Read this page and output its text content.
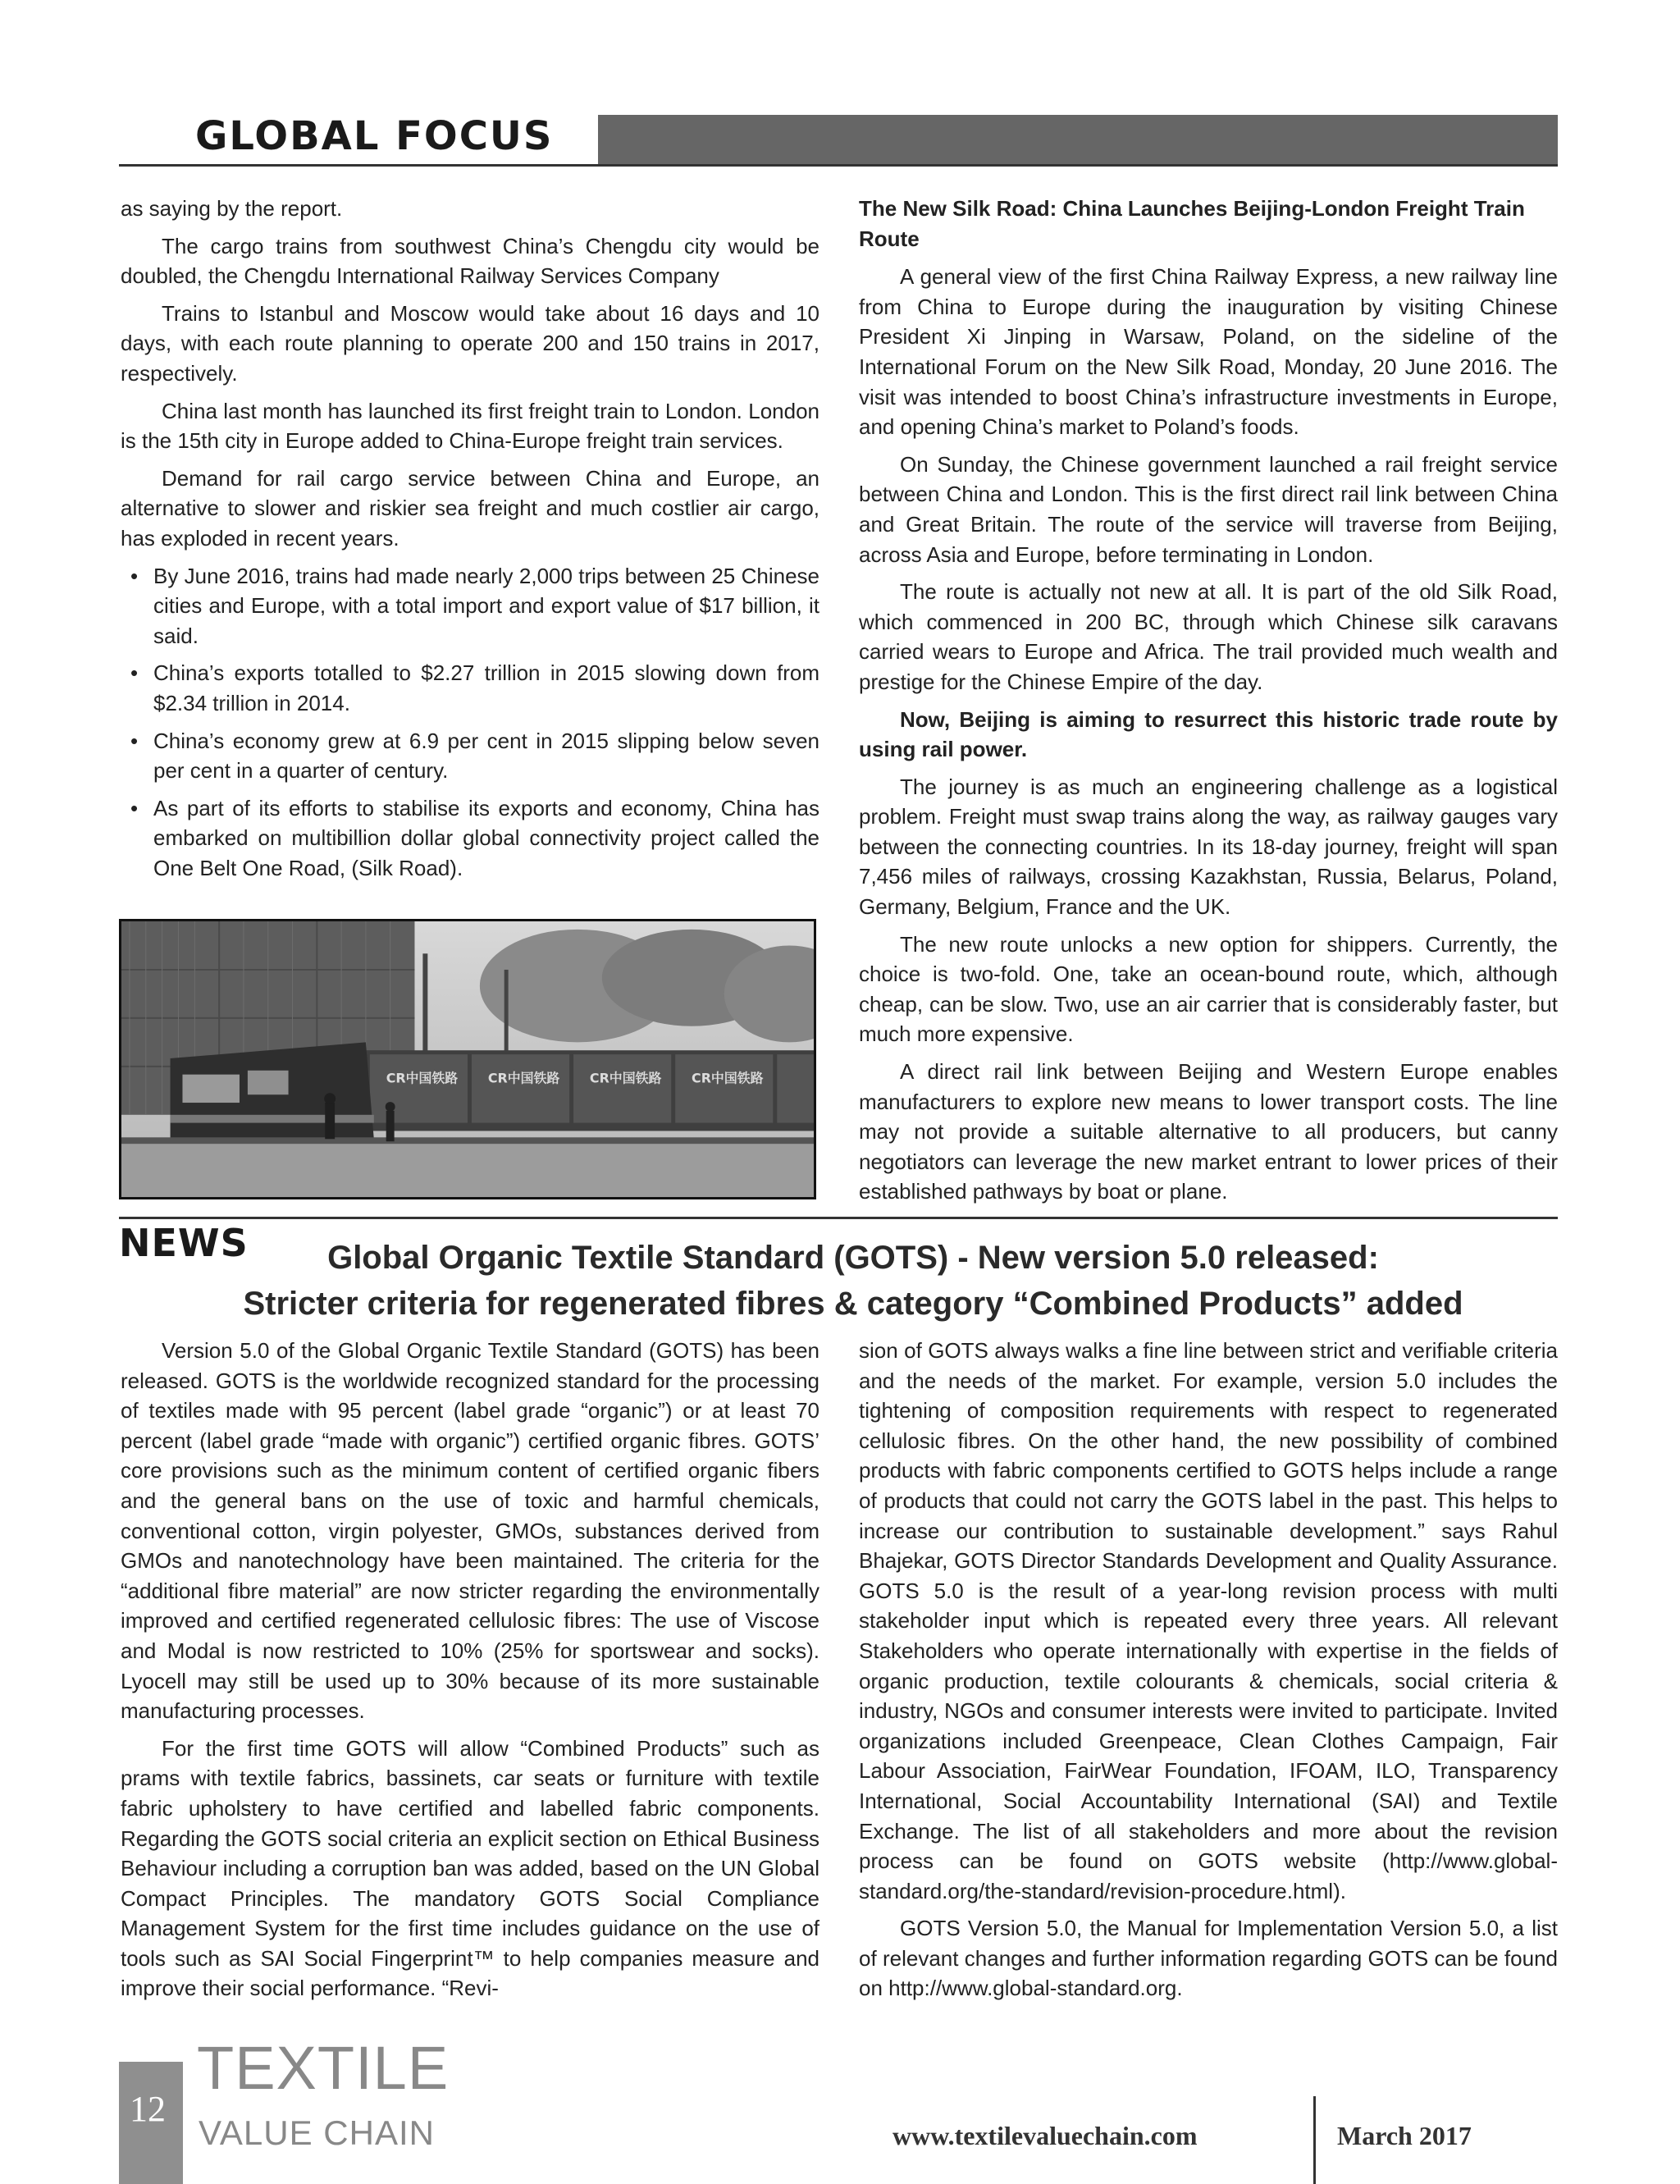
GLOBAL FOCUS

as saying by the report.

The cargo trains from southwest China’s Chengdu city would be doubled, the Chengdu International Railway Services Company

Trains to Istanbul and Moscow would take about 16 days and 10 days, with each route planning to operate 200 and 150 trains in 2017, respectively.

China last month has launched its first freight train to London. London is the 15th city in Europe added to China-Europe freight train services.

Demand for rail cargo service between China and Europe, an alternative to slower and riskier sea freight and much costlier air cargo, has exploded in recent years.

• By June 2016, trains had made nearly 2,000 trips between 25 Chinese cities and Europe, with a total import and export value of $17 billion, it said.
• China’s exports totalled to $2.27 trillion in 2015 slowing down from $2.34 trillion in 2014.
• China’s economy grew at 6.9 per cent in 2015 slipping below seven per cent in a quarter of century.
• As part of its efforts to stabilise its exports and economy, China has embarked on multibillion dollar global connectivity project called the One Belt One Road, (Silk Road).
CR中国铁路 CR中国铁路 CR中国铁路 CR中国铁路

The New Silk Road: China Launches Beijing-London Freight Train Route

A general view of the first China Railway Express, a new railway line from China to Europe during the inauguration by visiting Chinese President Xi Jinping in Warsaw, Poland, on the sideline of the International Forum on the New Silk Road, Monday, 20 June 2016. The visit was intended to boost China’s infrastructure investments in Europe, and opening China’s market to Poland’s foods.

On Sunday, the Chinese government launched a rail freight service between China and London. This is the first direct rail link between China and Great Britain. The route of the service will traverse from Beijing, across Asia and Europe, before terminating in London.

The route is actually not new at all. It is part of the old Silk Road, which commenced in 200 BC, through which Chinese silk caravans carried wears to Europe and Africa. The trail provided much wealth and prestige for the Chinese Empire of the day.

Now, Beijing is aiming to resurrect this historic trade route by using rail power.

The journey is as much an engineering challenge as a logistical problem. Freight must swap trains along the way, as railway gauges vary between the connecting countries. In its 18-day journey, freight will span 7,456 miles of railways, crossing Kazakhstan, Russia, Belarus, Poland, Germany, Belgium, France and the UK.

The new route unlocks a new option for shippers. Currently, the choice is two-fold. One, take an ocean-bound route, which, although cheap, can be slow. Two, use an air carrier that is considerably faster, but much more expensive.

A direct rail link between Beijing and Western Europe enables manufacturers to explore new means to lower transport costs. The line may not provide a suitable alternative to all producers, but canny negotiators can leverage the new market entrant to lower prices of their established pathways by boat or plane.

NEWS	Global Organic Textile Standard (GOTS) - New version 5.0 released:
Stricter criteria for regenerated fibres & category “Combined Products” added

Version 5.0 of the Global Organic Textile Standard (GOTS) has been released. GOTS is the worldwide recognized standard for the processing of textiles made with 95 percent (label grade “organic”) or at least 70 percent (label grade “made with organic”) certified organic fibres. GOTS’ core provisions such as the minimum content of certified organic fibers and the general bans on the use of toxic and harmful chemicals, conventional cotton, virgin polyester, GMOs, substances derived from GMOs and nanotechnology have been maintained. The criteria for the “additional fibre material” are now stricter regarding the environmentally improved and certified regenerated cellulosic fibres: The use of Viscose and Modal is now restricted to 10% (25% for sportswear and socks). Lyocell may still be used up to 30% because of its more sustainable manufacturing processes.

For the first time GOTS will allow “Combined Products” such as prams with textile fabrics, bassinets, car seats or furniture with textile fabric upholstery to have certified and labelled fabric components. Regarding the GOTS social criteria an explicit section on Ethical Business Behaviour including a corruption ban was added, based on the UN Global Compact Principles. The mandatory GOTS Social Compliance Management System for the first time includes guidance on the use of tools such as SAI Social Fingerprint™ to help companies measure and improve their social performance. “Revi-

sion of GOTS always walks a fine line between strict and verifiable criteria and the needs of the market. For example, version 5.0 includes the tightening of composition requirements with respect to regenerated cellulosic fibres. On the other hand, the new possibility of combined products with fabric components certified to GOTS helps include a range of products that could not carry the GOTS label in the past. This helps to increase our contribution to sustainable development.” says Rahul Bhajekar, GOTS Director Standards Development and Quality Assurance. GOTS 5.0 is the result of a year-long revision process with multi stakeholder input which is repeated every three years. All relevant Stakeholders who operate internationally with expertise in the fields of organic production, textile colourants & chemicals, social criteria & industry, NGOs and consumer interests were invited to participate. Invited organizations included Greenpeace, Clean Clothes Campaign, Fair Labour Association, FairWear Foundation, IFOAM, ILO, Transparency International, Social Accountability International (SAI) and Textile Exchange. The list of all stakeholders and more about the revision process can be found on GOTS website (http://www.global-standard.org/the-standard/revision-procedure.html).

GOTS Version 5.0, the Manual for Implementation Version 5.0, a list of relevant changes and further information regarding GOTS can be found on http://www.global-standard.org.

12
TEXTILE
VALUE CHAIN	www.textilevaluechain.com	March 2017
